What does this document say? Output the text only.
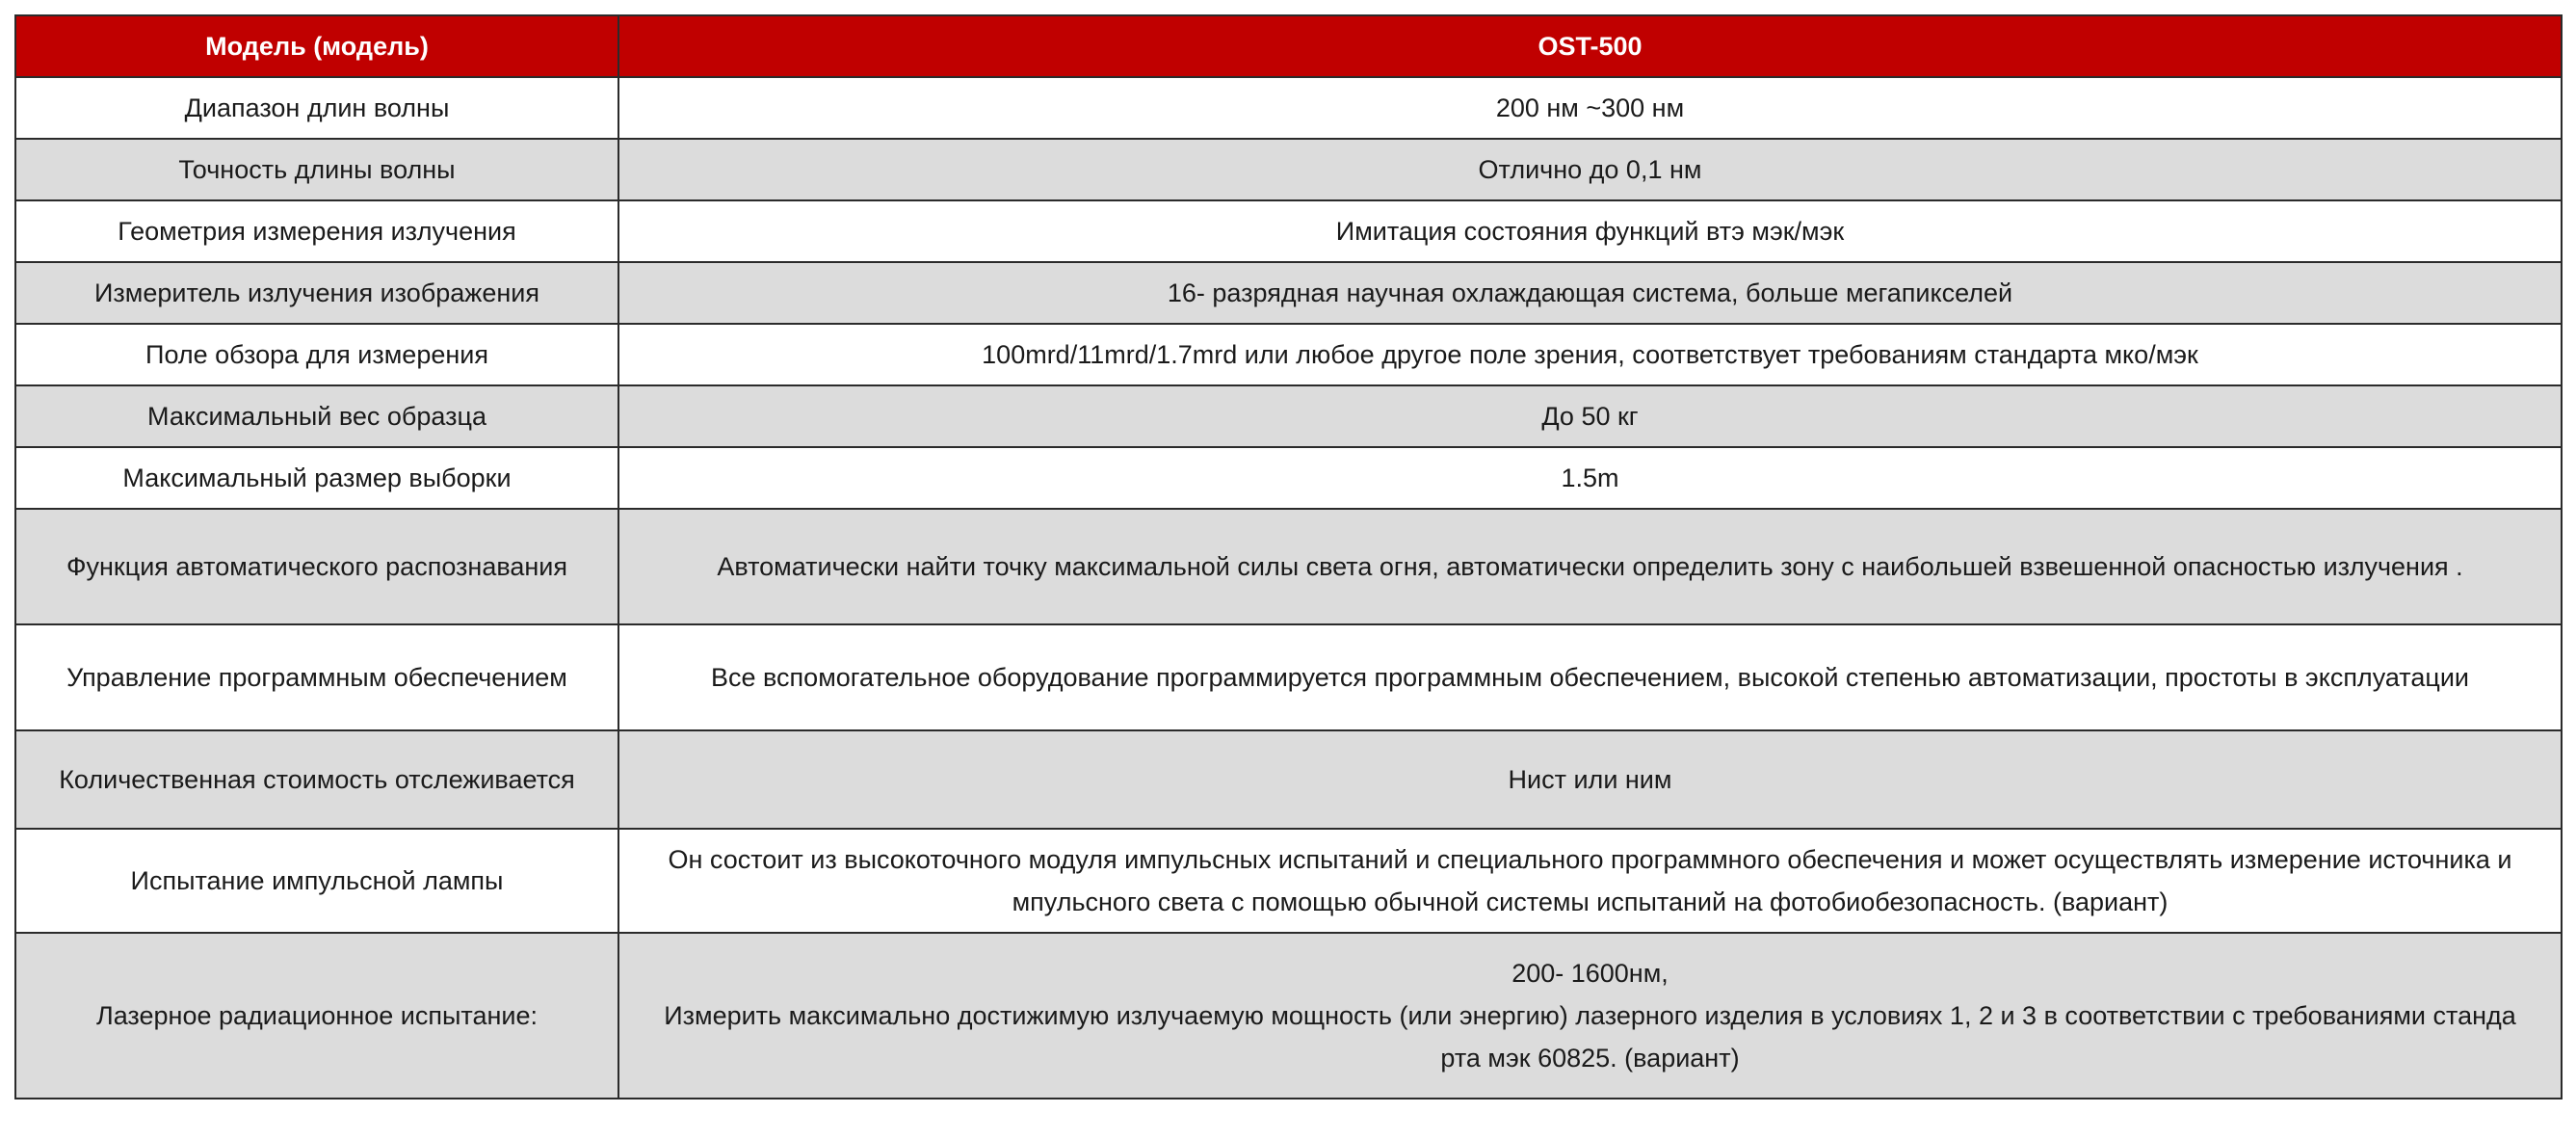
Модель (модель)	OST-500
Диапазон длин волны	200 нм ~300 нм
Точность длины волны	Отлично до 0,1 нм
Геометрия измерения излучения	Имитация состояния функций втэ мэк/мэк
Измеритель излучения изображения	16- разрядная научная охлаждающая система, больше мегапикселей
Поле обзора для измерения	100mrd/11mrd/1.7mrd или любое другое поле зрения, соответствует требованиям стандарта мко/мэк
Максимальный вес образца	До 50 кг
Максимальный размер выборки	1.5m
Функция автоматического распознавания	Автоматически найти точку максимальной силы света огня, автоматически определить зону с наибольшей взвешенной опасностью излучения .
Управление программным обеспечением	Все вспомогательное оборудование программируется программным обеспечением, высокой степенью автоматизации, простоты в эксплуатации
Количественная стоимость отслеживается	Нист или ним
Испытание импульсной лампы	Он состоит из высокоточного модуля импульсных испытаний и специального программного обеспечения и может осуществлять измерение источника и
мпульсного света с помощью обычной системы испытаний на фотобиобезопасность. (вариант)

Лазерное радиационное испытание:	200- 1600нм,
Измерить максимально достижимую излучаемую мощность (или энергию) лазерного изделия в условиях 1, 2 и 3 в соответствии с требованиями станда
рта мэк 60825. (вариант)
